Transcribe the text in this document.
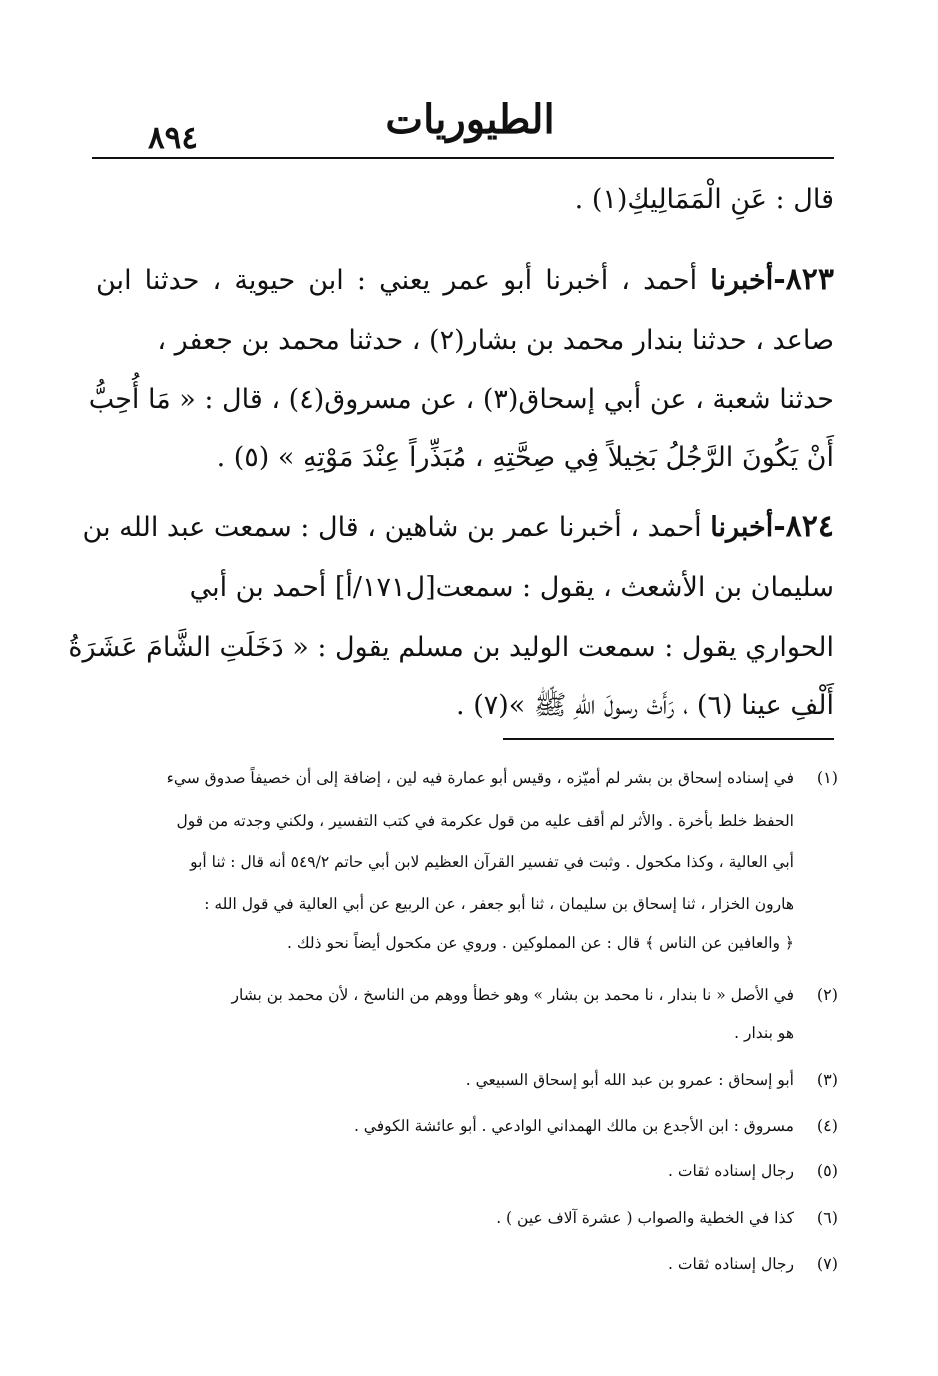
الطيوريات
٨٩٤
قال : عَنِ الْمَمَالِيكِ(١) .
٨٢٣-أخبرنا أحمد ، أخبرنا أبو عمر يعني : ابن حيوية ، حدثنا ابن
صاعد ، حدثنا بندار محمد بن بشار(٢) ، حدثنا محمد بن جعفر ،
حدثنا شعبة ، عن أبي إسحاق(٣) ، عن مسروق(٤) ، قال : « مَا أُحِبُّ
أَنْ يَكُونَ الرَّجُلُ بَخِيلاً فِي صِحَّتِهِ ، مُبَذِّراً عِنْدَ مَوْتِهِ » (٥) .
٨٢٤-أخبرنا أحمد ، أخبرنا عمر بن شاهين ، قال : سمعت عبد الله بن
سليمان بن الأشعث ، يقول : سمعت[ل١٧١/أ] أحمد بن أبي
الحواري يقول : سمعت الوليد بن مسلم يقول : « دَخَلَتِ الشَّامَ عَشَرَةُ
أَلْفِ عينا (٦) ، رَأَتْ رسولَ اللهِ ﷺ »(٧) .
(١)في إسناده إسحاق بن بشر لم أميّزه ، وقيس أبو عمارة فيه لين ، إضافة إلى أن خصيفاً صدوق سيء
الحفظ خلط بأخرة . والأثر لم أقف عليه من قول عكرمة في كتب التفسير ، ولكني وجدته من قول
أبي العالية ، وكذا مكحول . وثبت في تفسير القرآن العظيم لابن أبي حاتم ٥٤٩/٢ أنه قال : ثنا أبو
هارون الخزار ، ثنا إسحاق بن سليمان ، ثنا أبو جعفر ، عن الربيع عن أبي العالية في قول الله :
﴿ والعافين عن الناس ﴾ قال : عن المملوكين . وروي عن مكحول أيضاً نحو ذلك .
(٢)في الأصل « نا بندار ، نا محمد بن بشار » وهو خطأ ووهم من الناسخ ، لأن محمد بن بشار
هو بندار .
(٣)أبو إسحاق : عمرو بن عبد الله أبو إسحاق السبيعي .
(٤)مسروق : ابن الأجدع بن مالك الهمداني الوادعي . أبو عائشة الكوفي .
(٥)رجال إسناده ثقات .
(٦)كذا في الخطية والصواب ( عشرة آلاف عين ) .
(٧)رجال إسناده ثقات .
